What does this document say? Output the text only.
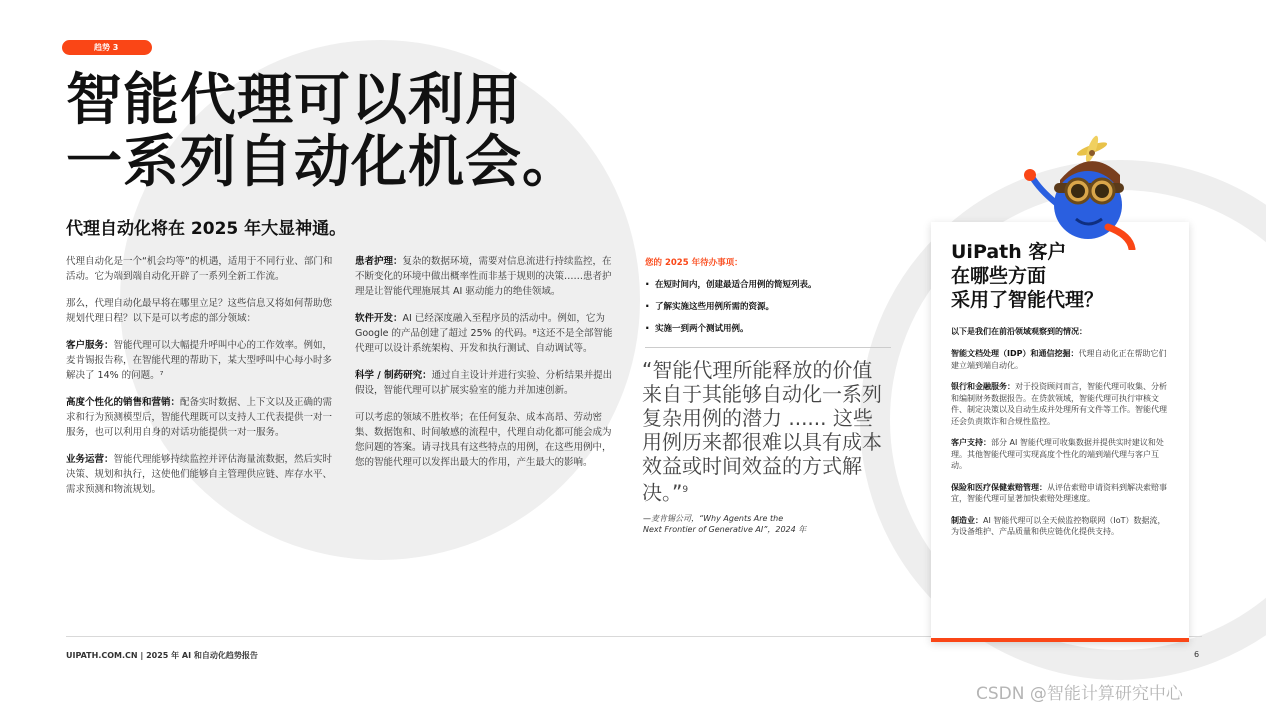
趋势 3
智能代理可以利用
一系列自动化机会。
代理自动化将在 2025 年大显神通。

代理自动化是一个“机会均等”的机遇，适用于不同行业、部门和活动。它为端到端自动化开辟了一系列全新工作流。

那么，代理自动化最早将在哪里立足？这些信息又将如何帮助您规划代理日程？以下是可以考虑的部分领域：

客户服务：智能代理可以大幅提升呼叫中心的工作效率。例如，麦肯锡报告称，在智能代理的帮助下，某大型呼叫中心每小时多解决了 14% 的问题。⁷

高度个性化的销售和营销：配备实时数据、上下文以及正确的需求和行为预测模型后，智能代理既可以支持人工代表提供一对一服务，也可以利用自身的对话功能提供一对一服务。

业务运营：智能代理能够持续监控并评估海量流数据，然后实时决策、规划和执行，这使他们能够自主管理供应链、库存水平、需求预测和物流规划。

患者护理：复杂的数据环境，需要对信息流进行持续监控，在不断变化的环境中做出概率性而非基于规则的决策……患者护理是让智能代理施展其 AI 驱动能力的绝佳领域。

软件开发：AI 已经深度融入至程序员的活动中。例如，它为 Google 的产品创建了超过 25% 的代码。⁸这还不是全部智能代理可以设计系统架构、开发和执行测试、自动调试等。

科学 / 制药研究：通过自主设计并进行实验、分析结果并提出假设，智能代理可以扩展实验室的能力并加速创新。

可以考虑的领域不胜枚举；在任何复杂、成本高昂、劳动密集、数据饱和、时间敏感的流程中，代理自动化都可能会成为您问题的答案。请寻找具有这些特点的用例，在这些用例中，您的智能代理可以发挥出最大的作用，产生最大的影响。

您的 2025 年待办事项：
· 在短时间内，创建最适合用例的简短列表。
· 了解实施这些用例所需的资源。
· 实施一到两个测试用例。
“智能代理所能释放的价值来自于其能够自动化一系列复杂用例的潜力 ...... 这些用例历来都很难以具有成本效益或时间效益的方式解决。”$^9$
—麦肯锡公司，“Why Agents Are the
Next Frontier of Generative AI”，2024 年
UiPath 客户
在哪些方面
采用了智能代理？
以下是我们在前沿领域观察到的情况：
智能文档处理（IDP）和通信挖掘：代理自动化正在帮助它们建立端到端自动化。
银行和金融服务：对于投资顾问而言，智能代理可收集、分析和编制财务数据报告。在贷款领域，智能代理可执行审核文件、制定决策以及自动生成并处理所有文件等工作。智能代理还会负责欺诈和合规性监控。
客户支持：部分 AI 智能代理可收集数据并提供实时建议和处理。其他智能代理可实现高度个性化的端到端代理与客户互动。
保险和医疗保健索赔管理：从评估索赔申请资料到解决索赔事宜，智能代理可显著加快索赔处理速度。
制造业：AI 智能代理可以全天候监控物联网（IoT）数据流，为设备维护、产品质量和供应链优化提供支持。
UIPATH.COM.CN | 2025 年 AI 和自动化趋势报告	6
CSDN @智能计算研究中心
